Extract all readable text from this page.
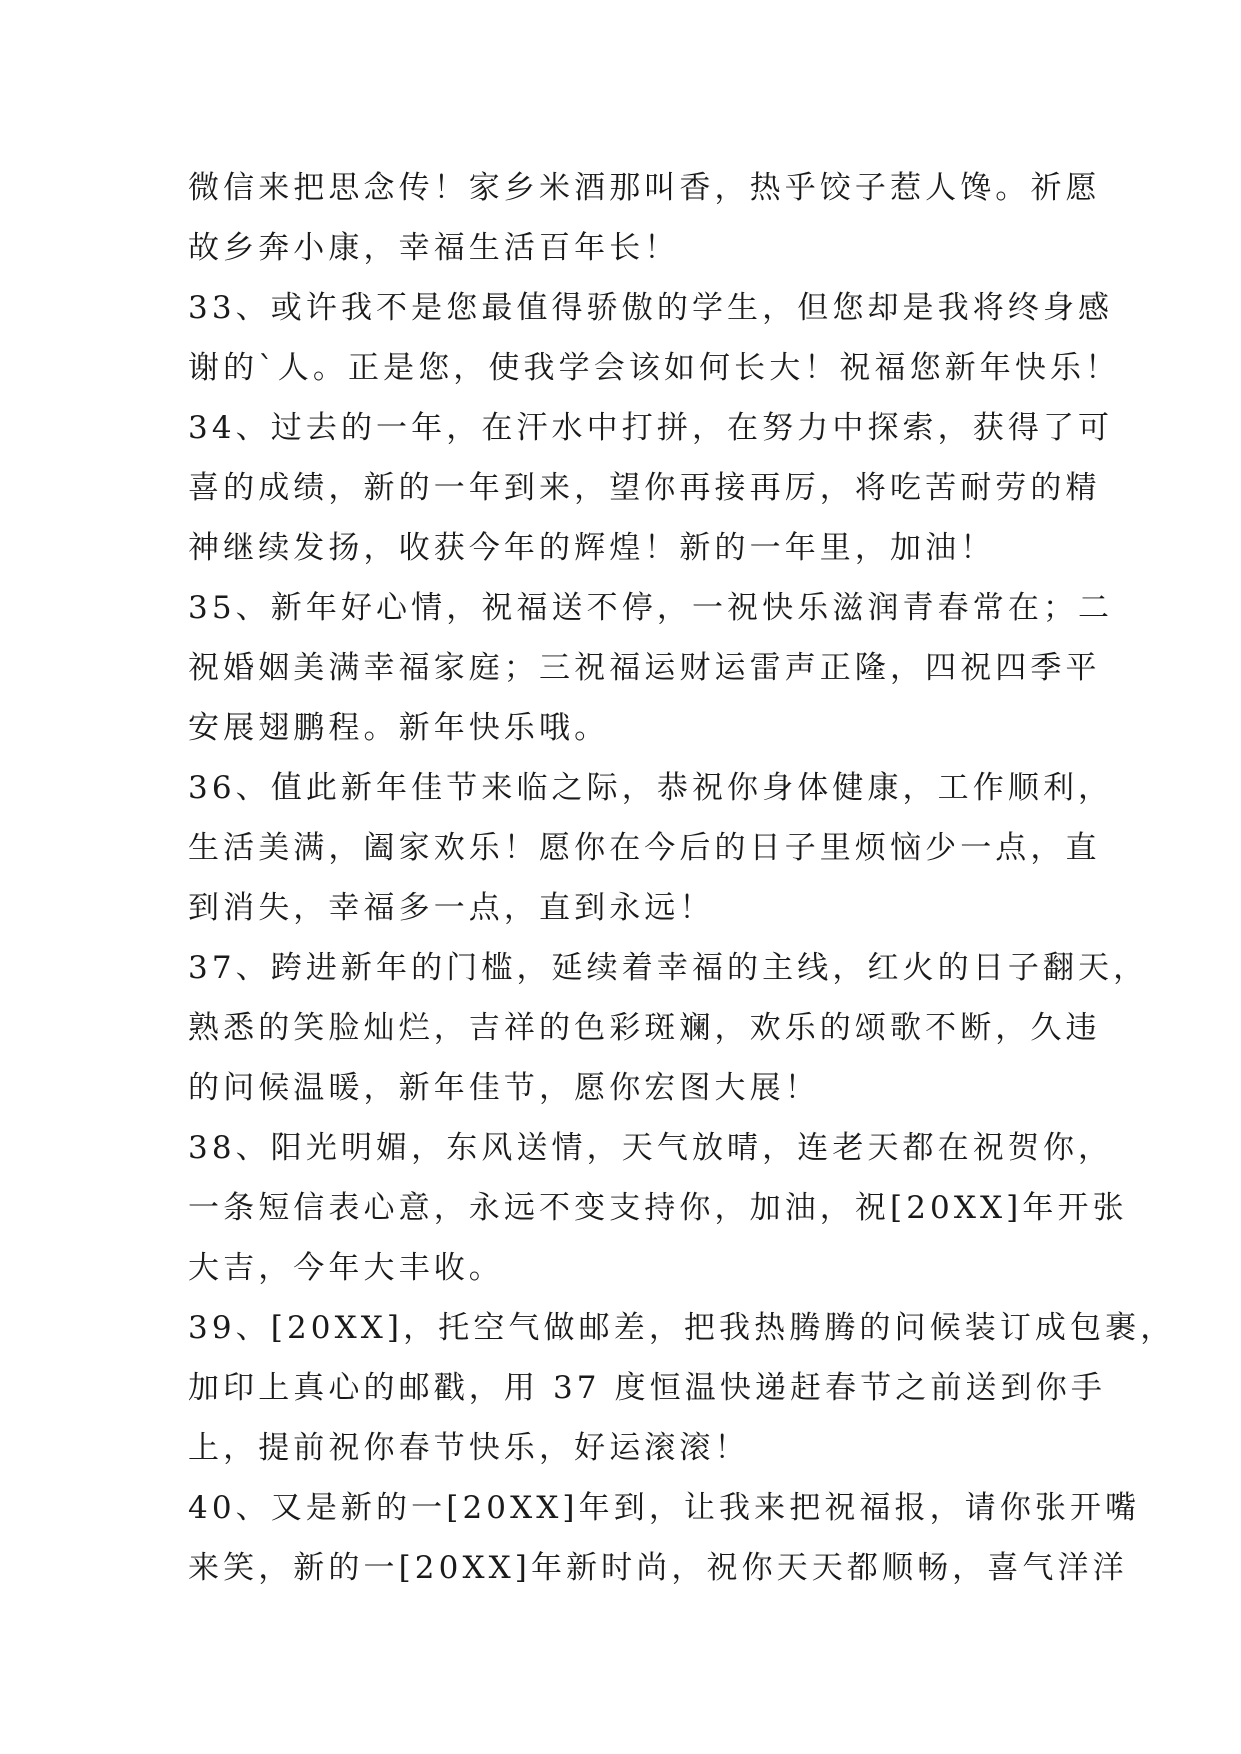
微信来把思念传！家乡米酒那叫香，热乎饺子惹人馋。祈愿
故乡奔小康，幸福生活百年长！
33、或许我不是您最值得骄傲的学生，但您却是我将终身感
谢的`人。正是您，使我学会该如何长大！祝福您新年快乐！
34、过去的一年，在汗水中打拼，在努力中探索，获得了可
喜的成绩，新的一年到来，望你再接再厉，将吃苦耐劳的精
神继续发扬，收获今年的辉煌！新的一年里，加油！
35、新年好心情，祝福送不停，一祝快乐滋润青春常在；二
祝婚姻美满幸福家庭；三祝福运财运雷声正隆，四祝四季平
安展翅鹏程。新年快乐哦。
36、值此新年佳节来临之际，恭祝你身体健康，工作顺利，
生活美满，阖家欢乐！愿你在今后的日子里烦恼少一点，直
到消失，幸福多一点，直到永远！
37、跨进新年的门槛，延续着幸福的主线，红火的日子翻天，
熟悉的笑脸灿烂，吉祥的色彩斑斓，欢乐的颂歌不断，久违
的问候温暖，新年佳节，愿你宏图大展！
38、阳光明媚，东风送情，天气放晴，连老天都在祝贺你，
一条短信表心意，永远不变支持你，加油，祝[20XX]年开张
大吉，今年大丰收。
39、[20XX]，托空气做邮差，把我热腾腾的问候装订成包裹，
加印上真心的邮戳，用 37 度恒温快递赶春节之前送到你手
上，提前祝你春节快乐，好运滚滚！
40、又是新的一[20XX]年到，让我来把祝福报，请你张开嘴
来笑，新的一[20XX]年新时尚，祝你天天都顺畅，喜气洋洋
